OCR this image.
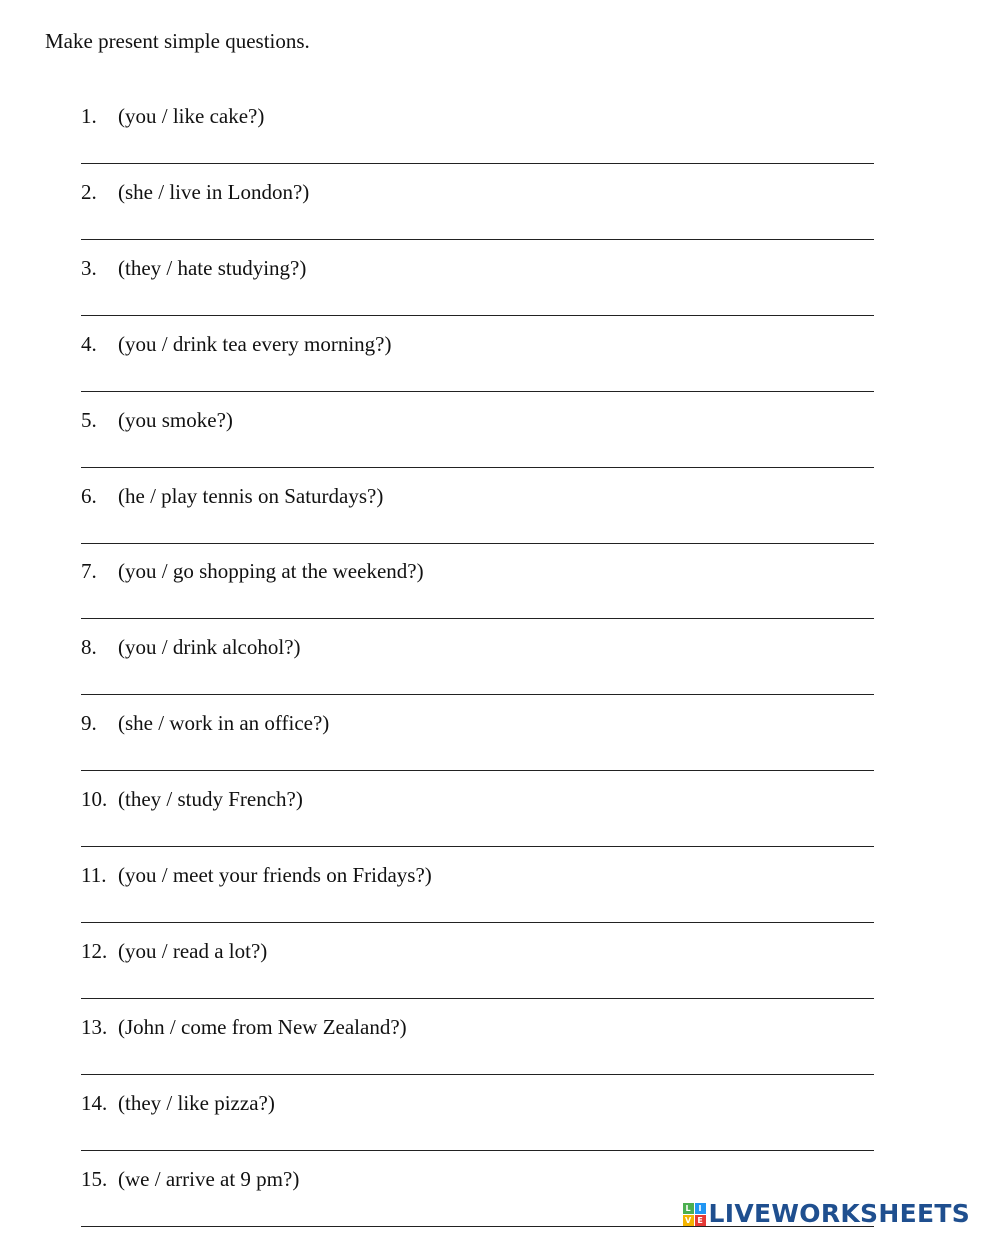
Make present simple questions.
1. (you / like cake?)
2. (she / live in London?)
3. (they / hate studying?)
4. (you / drink tea every morning?)
5. (you smoke?)
6. (he / play tennis on Saturdays?)
7. (you / go shopping at the weekend?)
8. (you / drink alcohol?)
9. (she / work in an office?)
10. (they / study French?)
11. (you / meet your friends on Fridays?)
12. (you / read a lot?)
13. (John / come from New Zealand?)
14. (they / like pizza?)
15. (we / arrive at 9 pm?)
L I
V E LIVEWORKSHEETS
